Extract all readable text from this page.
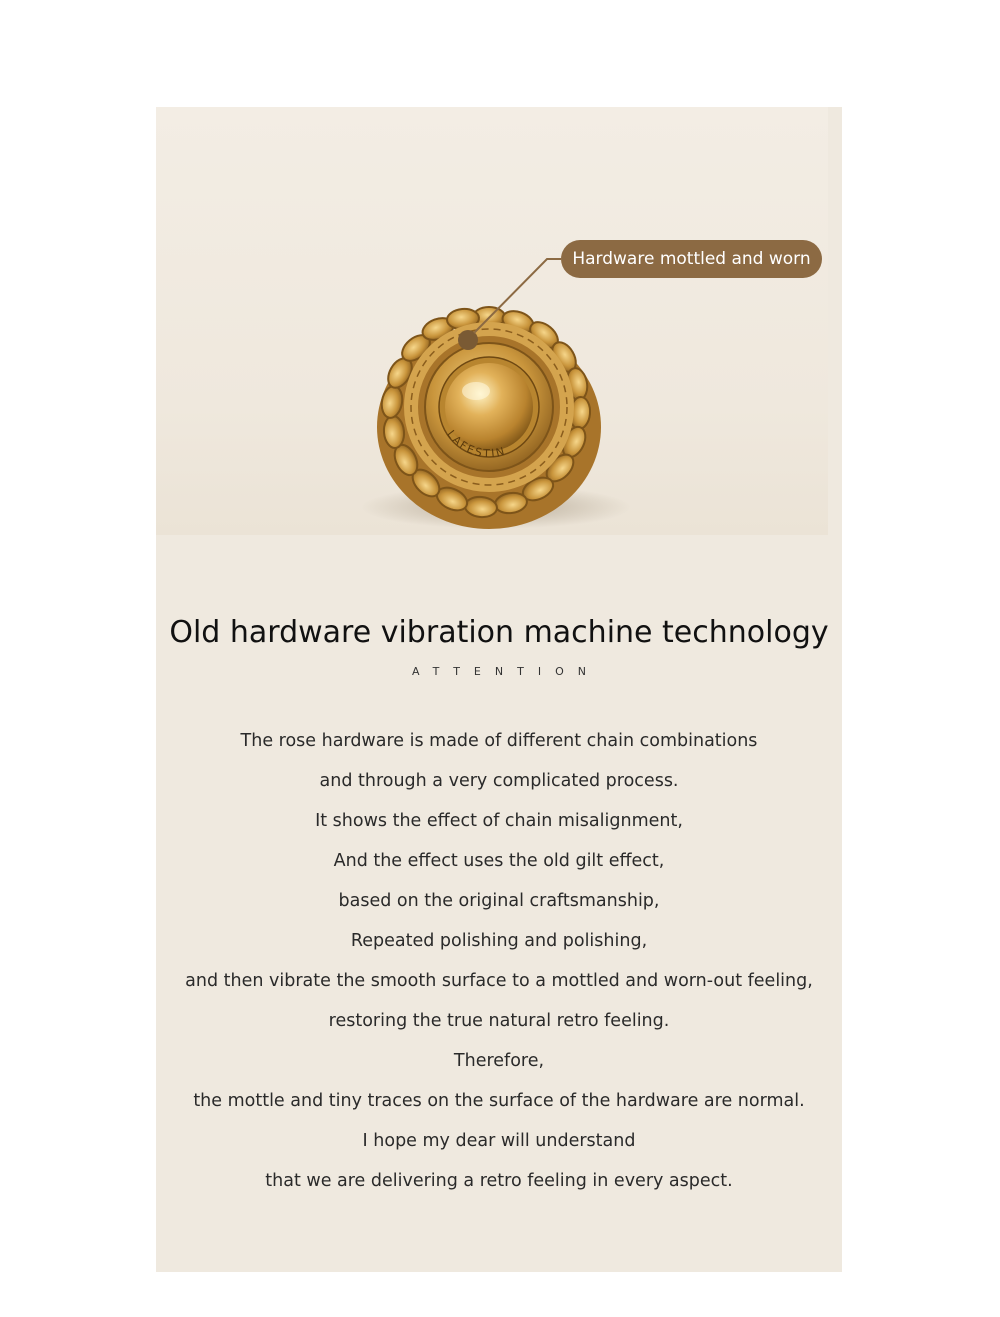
LAFESTIN
Hardware mottled and worn
Old hardware vibration machine technology
ATTENTION
The rose hardware is made of different chain combinations
and through a very complicated process.
It shows the effect of chain misalignment,
And the effect uses the old gilt effect,
based on the original craftsmanship,
Repeated polishing and polishing,
and then vibrate the smooth surface to a mottled and worn-out feeling,
restoring the true natural retro feeling.
Therefore,
the mottle and tiny traces on the surface of the hardware are normal.
I hope my dear will understand
that we are delivering a retro feeling in every aspect.
